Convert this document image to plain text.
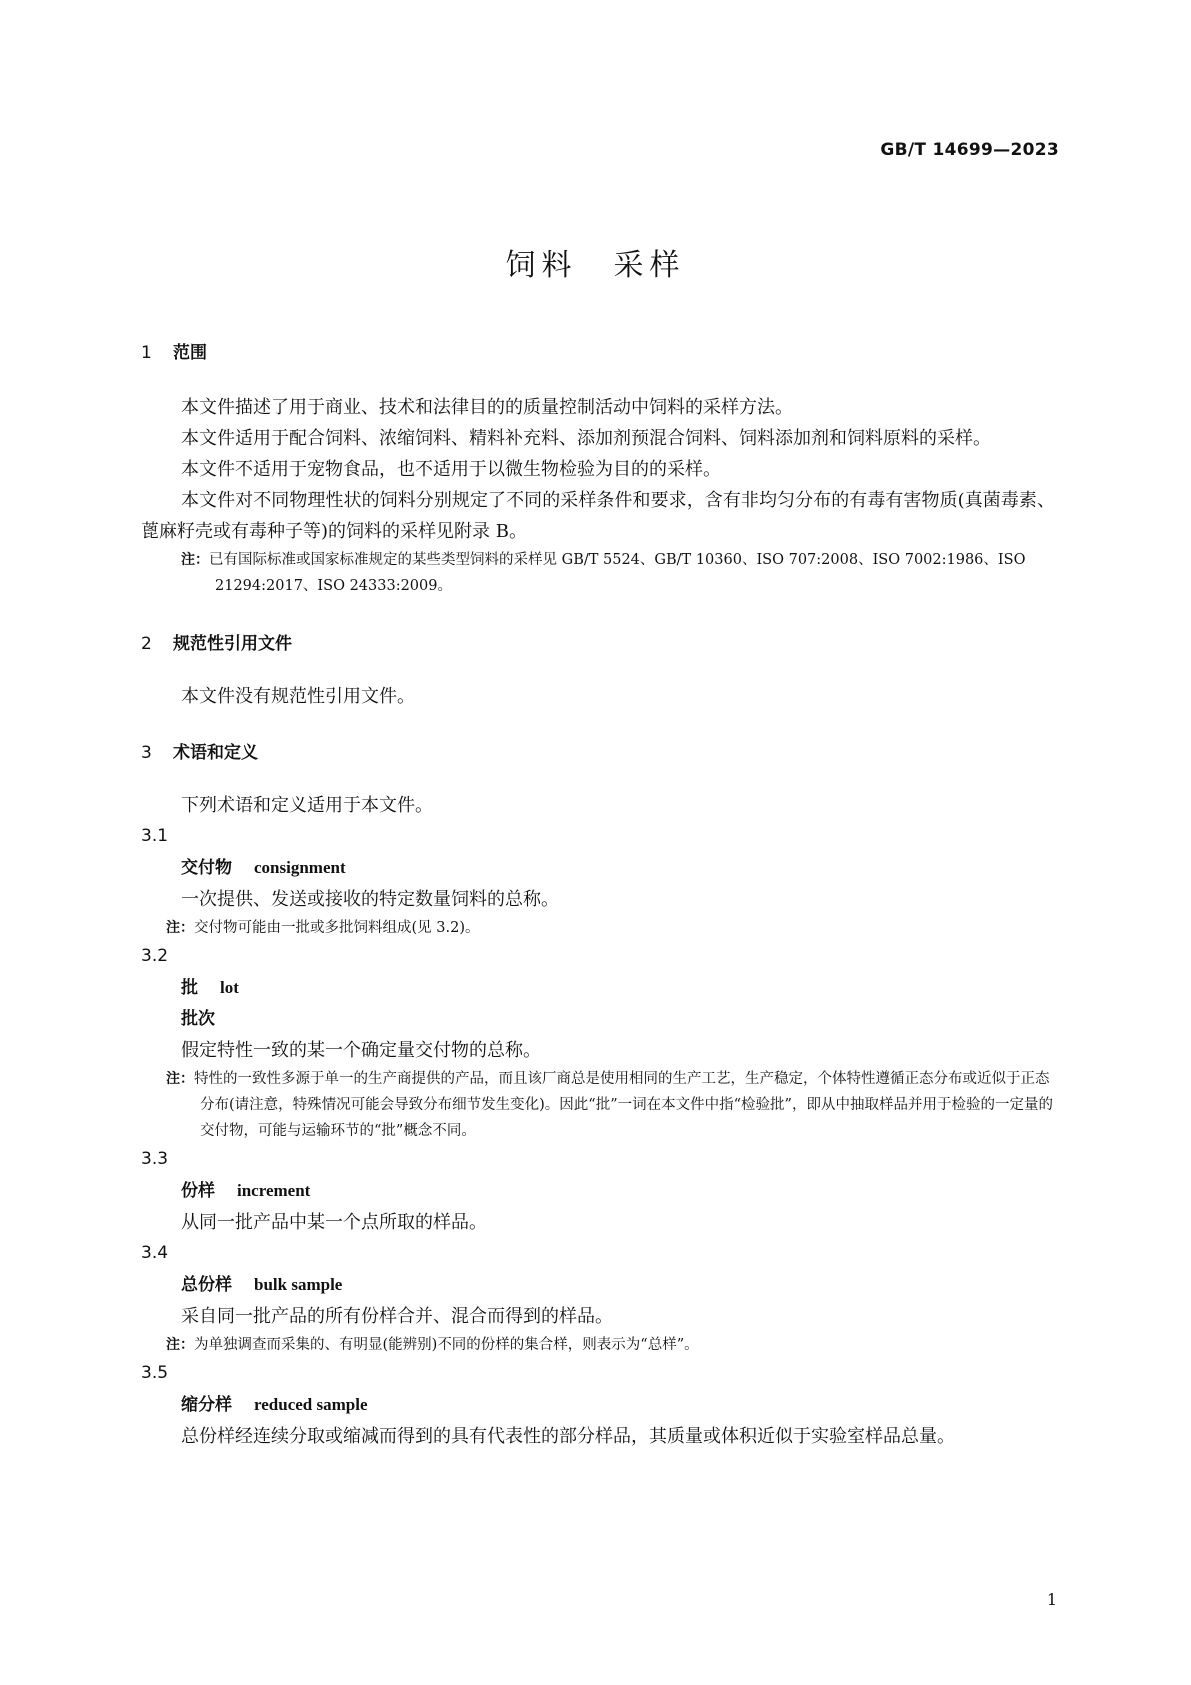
GB/T 14699—2023
饲料 采样
1 范围

本文件描述了用于商业、技术和法律目的的质量控制活动中饲料的采样方法。

本文件适用于配合饲料、浓缩饲料、精料补充料、添加剂预混合饲料、饲料添加剂和饲料原料的采样。

本文件不适用于宠物食品，也不适用于以微生物检验为目的的采样。

本文件对不同物理性状的饲料分别规定了不同的采样条件和要求，含有非均匀分布的有毒有害物质(真菌毒素、蓖麻籽壳或有毒种子等)的饲料的采样见附录 B。

注：已有国际标准或国家标准规定的某些类型饲料的采样见 GB/T 5524、GB/T 10360、ISO 707:2008、ISO 7002:1986、ISO 21294:2017、ISO 24333:2009。

2 规范性引用文件

本文件没有规范性引用文件。

3 术语和定义

下列术语和定义适用于本文件。

3.1
交付物 consignment
一次提供、发送或接收的特定数量饲料的总称。

注：交付物可能由一批或多批饲料组成(见 3.2)。

3.2
批 lot
批次
假定特性一致的某一个确定量交付物的总称。

注：特性的一致性多源于单一的生产商提供的产品，而且该厂商总是使用相同的生产工艺，生产稳定，个体特性遵循正态分布或近似于正态分布(请注意，特殊情况可能会导致分布细节发生变化)。因此“批”一词在本文件中指“检验批”，即从中抽取样品并用于检验的一定量的交付物，可能与运输环节的“批”概念不同。

3.3
份样 increment
从同一批产品中某一个点所取的样品。
3.4
总份样 bulk sample
采自同一批产品的所有份样合并、混合而得到的样品。

注：为单独调查而采集的、有明显(能辨别)不同的份样的集合样，则表示为“总样”。

3.5
缩分样 reduced sample
总份样经连续分取或缩减而得到的具有代表性的部分样品，其质量或体积近似于实验室样品总量。
1
